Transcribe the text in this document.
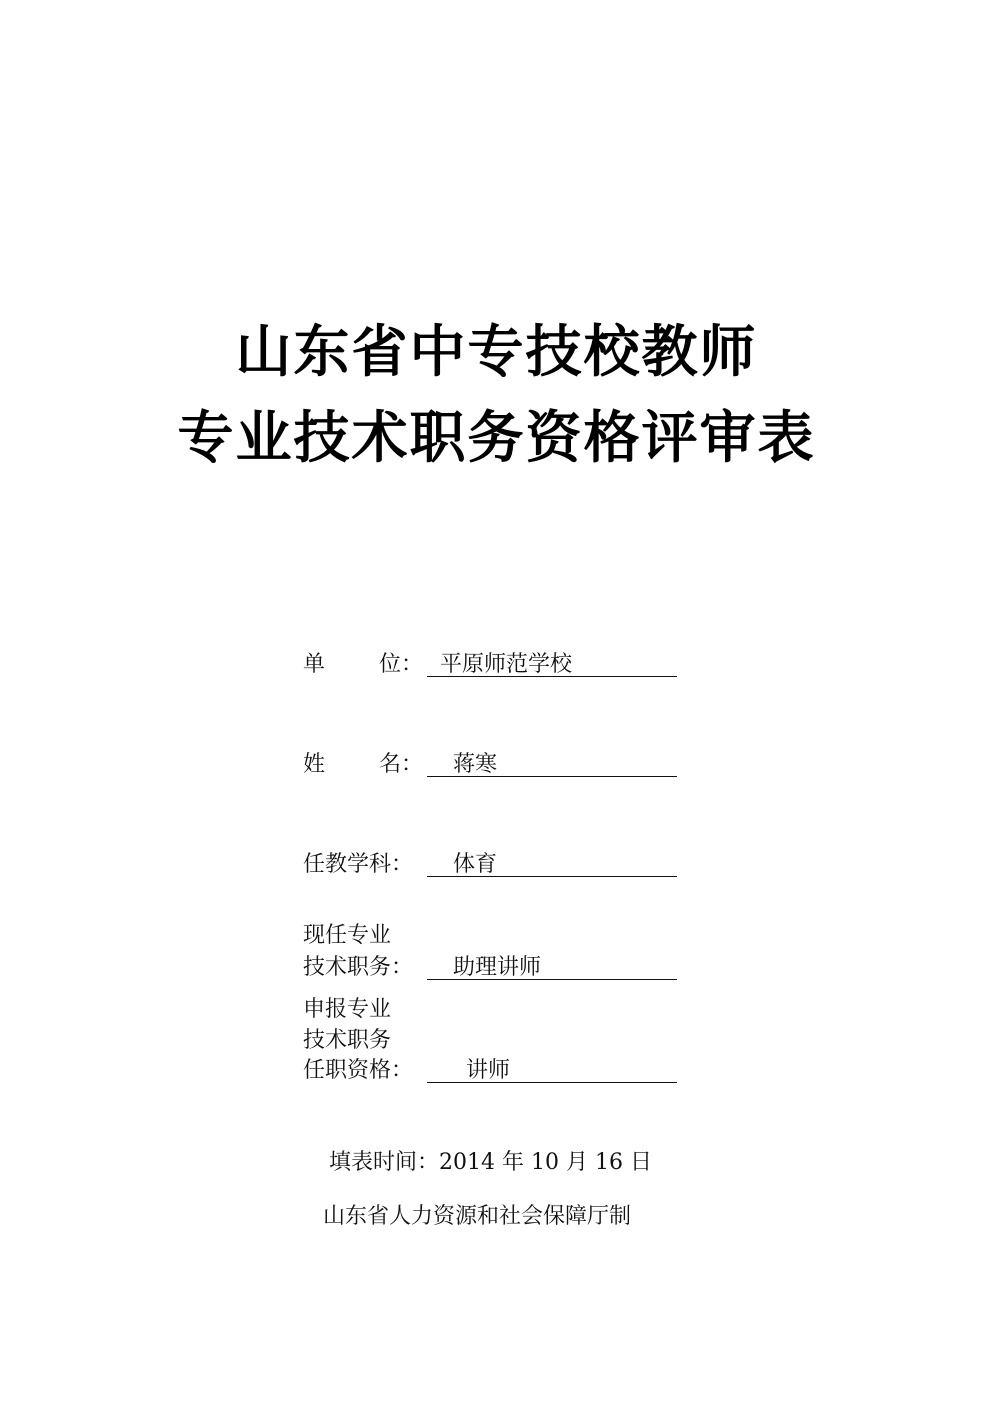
山东省中专技校教师
专业技术职务资格评审表
单 位： 平原师范学校
姓 名： 蒋寒
任教学科： 体育
现任专业
技术职务： 助理讲师
申报专业
技术职务
任职资格： 讲师
填表时间：2014 年 10 月 16 日
山东省人力资源和社会保障厅制
